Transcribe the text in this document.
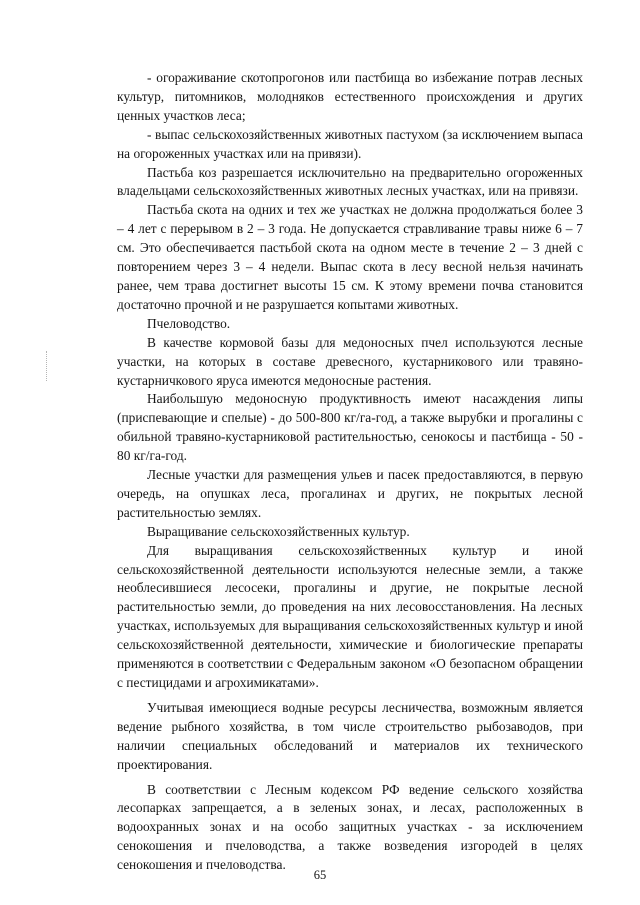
- огораживание скотопрогонов или пастбища во избежание потрав лесных культур, питомников, молодняков естественного происхождения и других ценных участков леса;

- выпас сельскохозяйственных животных пастухом (за исключением выпаса на огороженных участках или на привязи).

Пастьба коз разрешается исключительно на предварительно огороженных владельцами сельскохозяйственных животных лесных участках, или на привязи.

Пастьба скота на одних и тех же участках не должна продолжаться более 3 – 4 лет с перерывом в 2 – 3 года. Не допускается стравливание травы ниже 6 – 7 см. Это обеспечивается пастьбой скота на одном месте в течение 2 – 3 дней с повторением через 3 – 4 недели. Выпас скота в лесу весной нельзя начинать ранее, чем трава достигнет высоты 15 см. К этому времени почва становится достаточно прочной и не разрушается копытами животных.

Пчеловодство.

В качестве кормовой базы для медоносных пчел используются лесные участки, на которых в составе древесного, кустарникового или травяно-кустарничкового яруса имеются медоносные растения.

Наибольшую медоносную продуктивность имеют насаждения липы (приспевающие и спелые) - до 500-800 кг/га-год, а также вырубки и прогалины с обильной травяно-кустарниковой растительностью, сенокосы и пастбища - 50 - 80 кг/га-год.

Лесные участки для размещения ульев и пасек предоставляются, в первую очередь, на опушках леса, прогалинах и других, не покрытых лесной растительностью землях.

Выращивание сельскохозяйственных культур.

Для выращивания сельскохозяйственных культур и иной сельскохозяйственной деятельности используются нелесные земли, а также необлесившиеся лесосеки, прогалины и другие, не покрытые лесной растительностью земли, до проведения на них лесовосстановления. На лесных участках, используемых для выращивания сельскохозяйственных культур и иной сельскохозяйственной деятельности, химические и биологические препараты применяются в соответствии с Федеральным законом «О безопасном обращении с пестицидами и агрохимикатами».

Учитывая имеющиеся водные ресурсы лесничества, возможным является ведение рыбного хозяйства, в том числе строительство рыбозаводов, при наличии специальных обследований и материалов их технического проектирования.

В соответствии с Лесным кодексом РФ ведение сельского хозяйства лесопарках запрещается, а в зеленых зонах, и лесах, расположенных в водоохранных зонах и на особо защитных участках - за исключением сенокошения и пчеловодства, а также возведения изгородей в целях сенокошения и пчеловодства.

65
